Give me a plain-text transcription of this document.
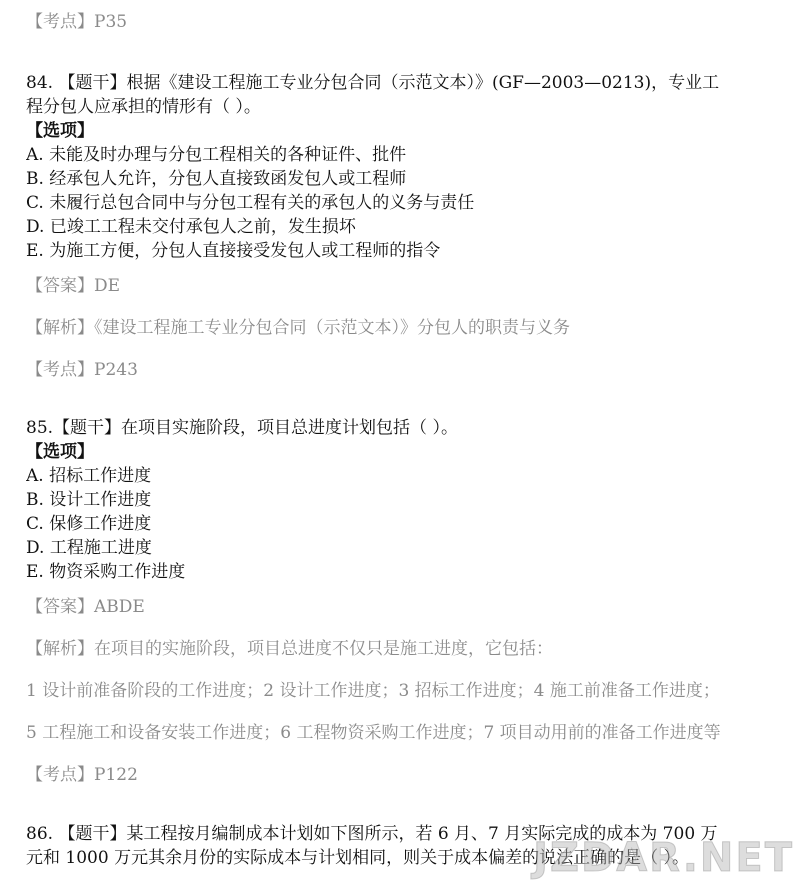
【考点】P35
84. 【题干】根据《建设工程施工专业分包合同（示范文本）》(GF—2003—0213)，专业工
程分包人应承担的情形有（ ）。
【选项】
A. 未能及时办理与分包工程相关的各种证件、批件
B. 经承包人允许，分包人直接致函发包人或工程师
C. 未履行总包合同中与分包工程有关的承包人的义务与责任
D. 已竣工工程未交付承包人之前，发生损坏
E. 为施工方便，分包人直接接受发包人或工程师的指令
【答案】DE
【解析】《建设工程施工专业分包合同（示范文本）》分包人的职责与义务
【考点】P243
85.【题干】在项目实施阶段，项目总进度计划包括（ ）。
【选项】
A. 招标工作进度
B. 设计工作进度
C. 保修工作进度
D. 工程施工进度
E. 物资采购工作进度
【答案】ABDE
【解析】在项目的实施阶段，项目总进度不仅只是施工进度，它包括：
1 设计前准备阶段的工作进度；2 设计工作进度；3 招标工作进度；4 施工前准备工作进度；
5 工程施工和设备安装工作进度；6 工程物资采购工作进度；7 项目动用前的准备工作进度等
【考点】P122
86. 【题干】某工程按月编制成本计划如下图所示，若 6 月、7 月实际完成的成本为 700 万
元和 1000 万元其余月份的实际成本与计划相同，则关于成本偏差的说法正确的是（ ）。
JZDAR.NET
